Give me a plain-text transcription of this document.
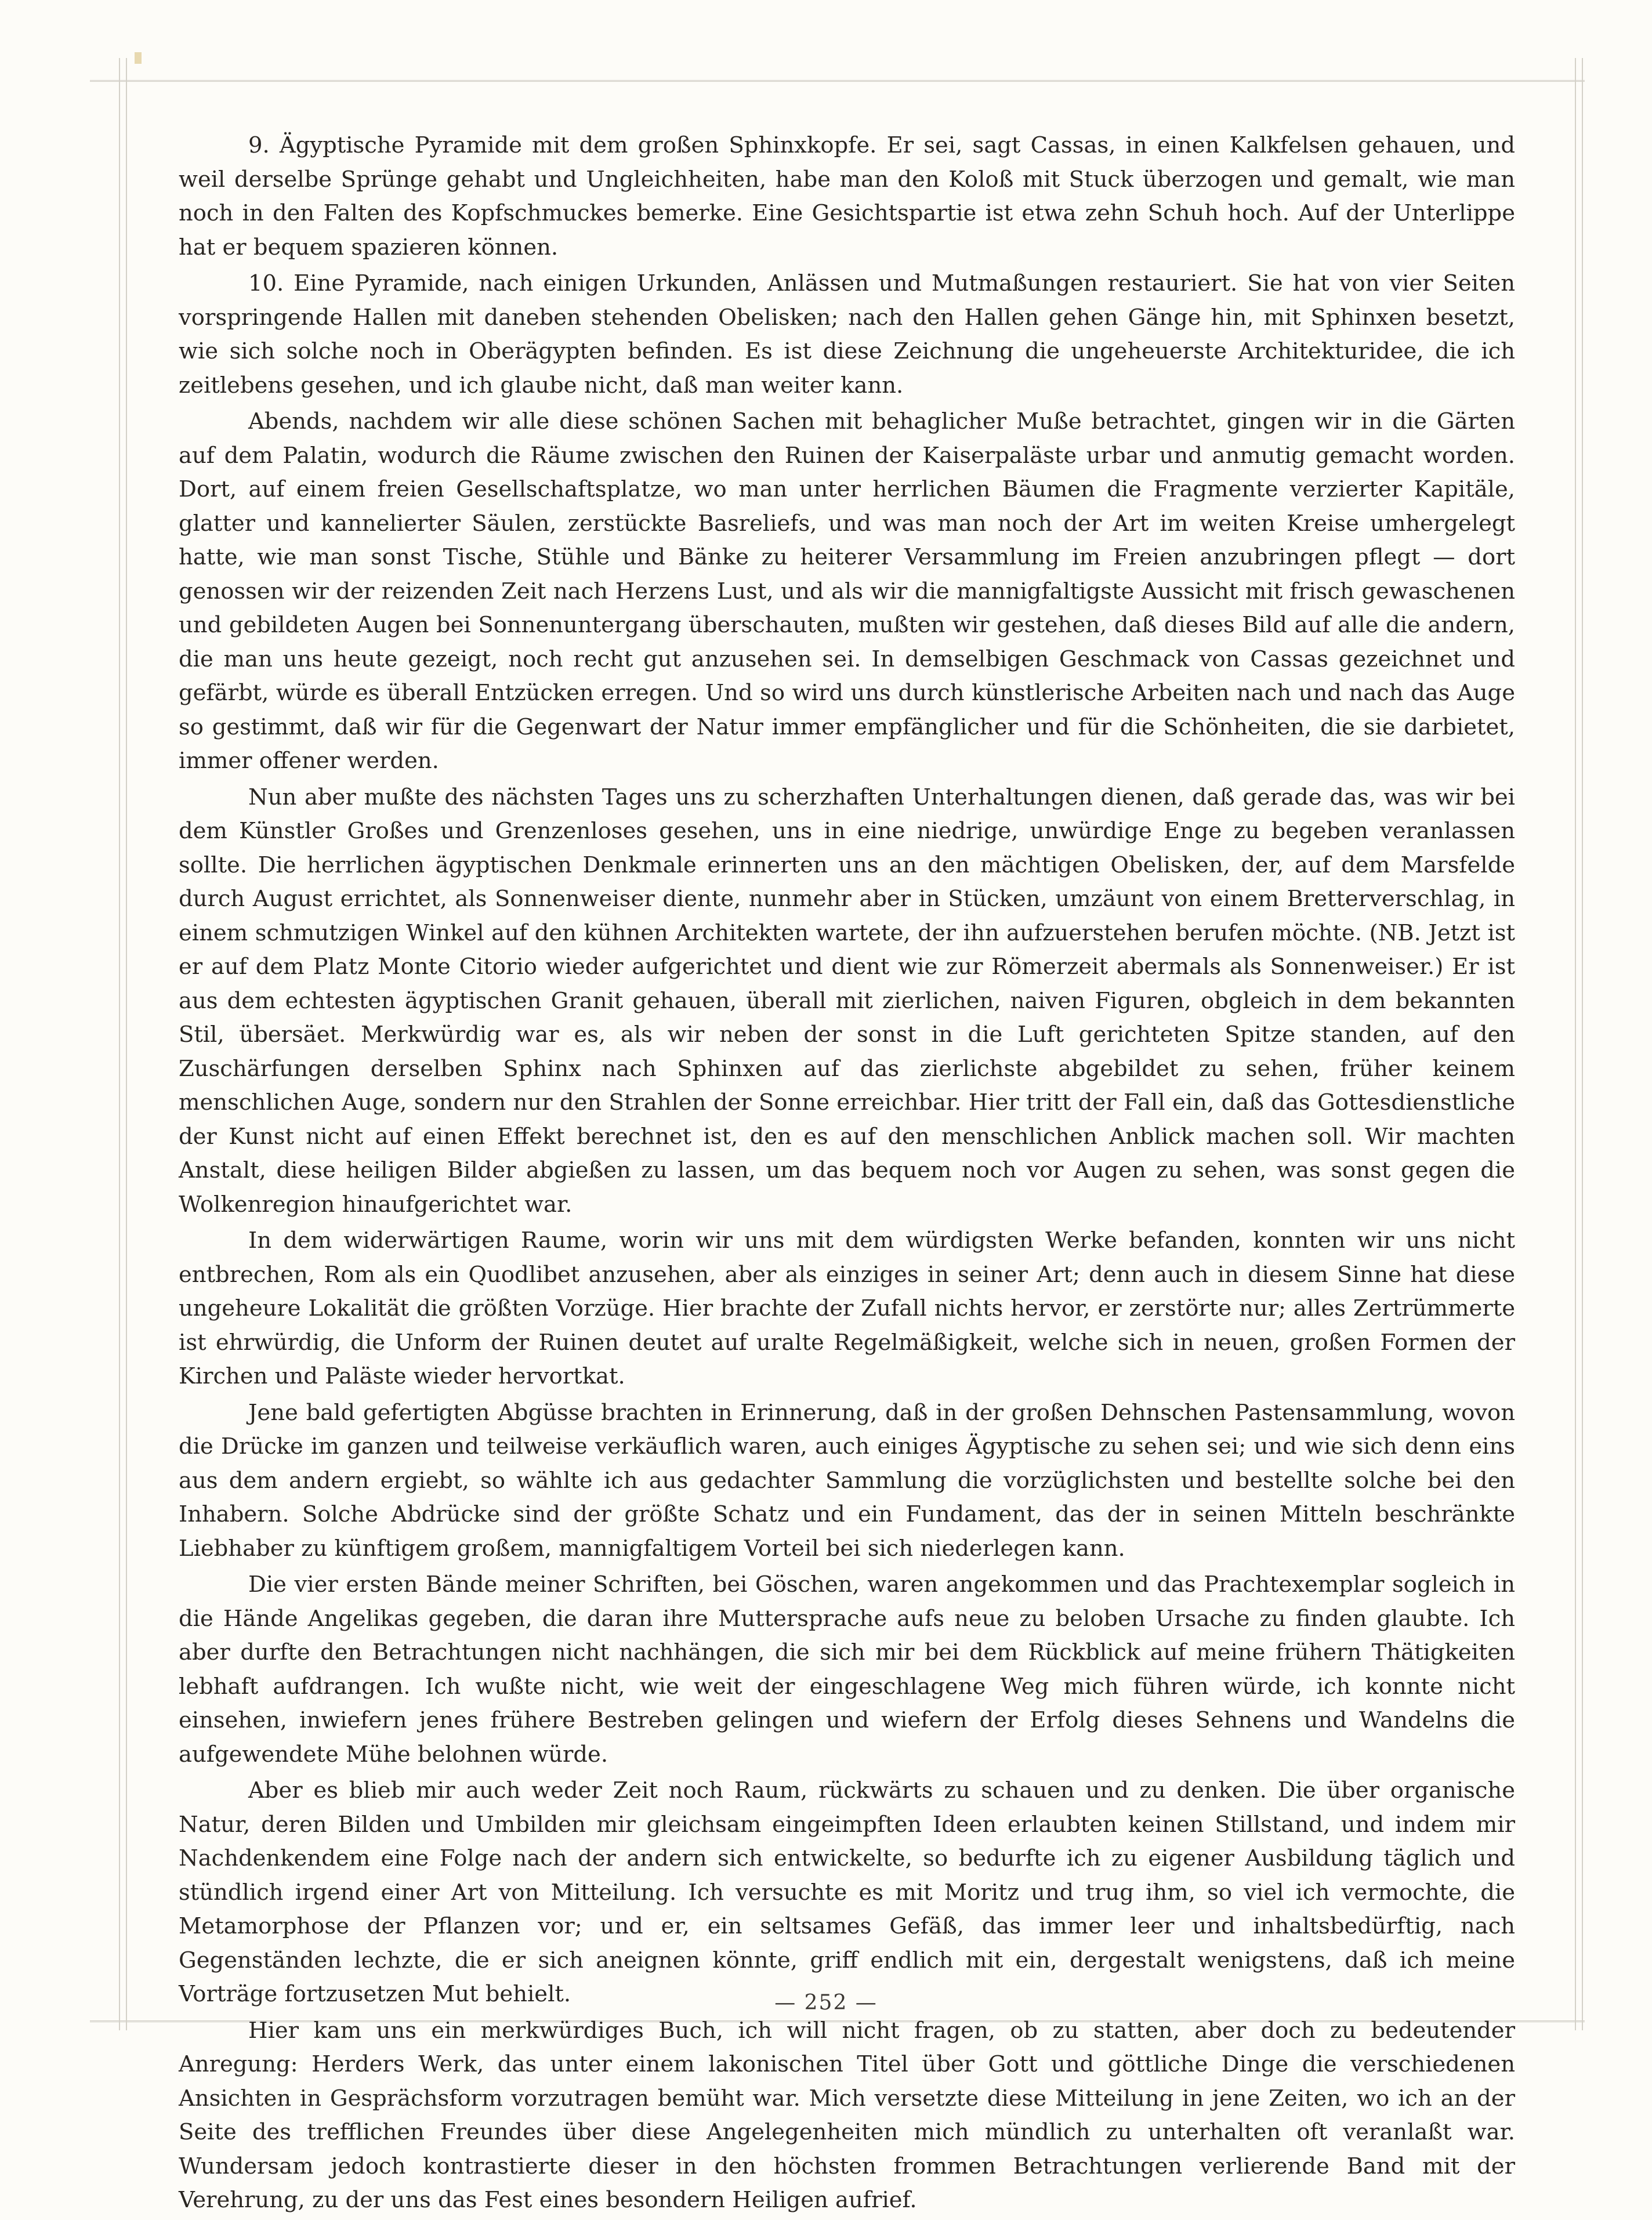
9. Ägyptische Pyramide mit dem großen Sphinxkopfe. Er sei, sagt Cassas, in einen Kalkfelsen gehauen, und weil derselbe Sprünge gehabt und Ungleichheiten, habe man den Koloß mit Stuck überzogen und gemalt, wie man noch in den Falten des Kopfschmuckes bemerke. Eine Gesichtspartie ist etwa zehn Schuh hoch. Auf der Unterlippe hat er bequem spazieren können.

10. Eine Pyramide, nach einigen Urkunden, Anlässen und Mutmaßungen restauriert. Sie hat von vier Seiten vorspringende Hallen mit daneben stehenden Obelisken; nach den Hallen gehen Gänge hin, mit Sphinxen besetzt, wie sich solche noch in Oberägypten befinden. Es ist diese Zeichnung die ungeheuerste Architekturidee, die ich zeitlebens gesehen, und ich glaube nicht, daß man weiter kann.

Abends, nachdem wir alle diese schönen Sachen mit behaglicher Muße betrachtet, gingen wir in die Gärten auf dem Palatin, wodurch die Räume zwischen den Ruinen der Kaiserpaläste urbar und anmutig gemacht worden. Dort, auf einem freien Gesellschaftsplatze, wo man unter herrlichen Bäumen die Fragmente verzierter Kapitäle, glatter und kannelierter Säulen, zerstückte Basreliefs, und was man noch der Art im weiten Kreise umhergelegt hatte, wie man sonst Tische, Stühle und Bänke zu heiterer Versammlung im Freien anzubringen pflegt — dort genossen wir der reizenden Zeit nach Herzens Lust, und als wir die mannigfaltigste Aussicht mit frisch gewaschenen und gebildeten Augen bei Sonnenuntergang überschauten, mußten wir gestehen, daß dieses Bild auf alle die andern, die man uns heute gezeigt, noch recht gut anzusehen sei. In demselbigen Geschmack von Cassas gezeichnet und gefärbt, würde es überall Entzücken erregen. Und so wird uns durch künstlerische Arbeiten nach und nach das Auge so gestimmt, daß wir für die Gegenwart der Natur immer empfänglicher und für die Schönheiten, die sie darbietet, immer offener werden.

Nun aber mußte des nächsten Tages uns zu scherzhaften Unterhaltungen dienen, daß gerade das, was wir bei dem Künstler Großes und Grenzenloses gesehen, uns in eine niedrige, unwürdige Enge zu begeben veranlassen sollte. Die herrlichen ägyptischen Denkmale erinnerten uns an den mächtigen Obelisken, der, auf dem Marsfelde durch August errichtet, als Sonnenweiser diente, nunmehr aber in Stücken, umzäunt von einem Bretterverschlag, in einem schmutzigen Winkel auf den kühnen Architekten wartete, der ihn aufzuerstehen berufen möchte. (NB. Jetzt ist er auf dem Platz Monte Citorio wieder aufgerichtet und dient wie zur Römerzeit abermals als Sonnenweiser.) Er ist aus dem echtesten ägyptischen Granit gehauen, überall mit zierlichen, naiven Figuren, obgleich in dem bekannten Stil, übersäet. Merkwürdig war es, als wir neben der sonst in die Luft gerichteten Spitze standen, auf den Zuschärfungen derselben Sphinx nach Sphinxen auf das zierlichste abgebildet zu sehen, früher keinem menschlichen Auge, sondern nur den Strahlen der Sonne erreichbar. Hier tritt der Fall ein, daß das Gottesdienstliche der Kunst nicht auf einen Effekt berechnet ist, den es auf den menschlichen Anblick machen soll. Wir machten Anstalt, diese heiligen Bilder abgießen zu lassen, um das bequem noch vor Augen zu sehen, was sonst gegen die Wolkenregion hinaufgerichtet war.

In dem widerwärtigen Raume, worin wir uns mit dem würdigsten Werke befanden, konnten wir uns nicht entbrechen, Rom als ein Quodlibet anzusehen, aber als einziges in seiner Art; denn auch in diesem Sinne hat diese ungeheure Lokalität die größten Vorzüge. Hier brachte der Zufall nichts hervor, er zerstörte nur; alles Zertrümmerte ist ehrwürdig, die Unform der Ruinen deutet auf uralte Regelmäßigkeit, welche sich in neuen, großen Formen der Kirchen und Paläste wieder hervortkat.

Jene bald gefertigten Abgüsse brachten in Erinnerung, daß in der großen Dehnschen Pastensammlung, wovon die Drücke im ganzen und teilweise verkäuflich waren, auch einiges Ägyptische zu sehen sei; und wie sich denn eins aus dem andern ergiebt, so wählte ich aus gedachter Sammlung die vorzüglichsten und bestellte solche bei den Inhabern. Solche Abdrücke sind der größte Schatz und ein Fundament, das der in seinen Mitteln beschränkte Liebhaber zu künftigem großem, mannigfaltigem Vorteil bei sich niederlegen kann.

Die vier ersten Bände meiner Schriften, bei Göschen, waren angekommen und das Prachtexemplar sogleich in die Hände Angelikas gegeben, die daran ihre Muttersprache aufs neue zu beloben Ursache zu finden glaubte. Ich aber durfte den Betrachtungen nicht nachhängen, die sich mir bei dem Rückblick auf meine frühern Thätigkeiten lebhaft aufdrangen. Ich wußte nicht, wie weit der eingeschlagene Weg mich führen würde, ich konnte nicht einsehen, inwiefern jenes frühere Bestreben gelingen und wiefern der Erfolg dieses Sehnens und Wandelns die aufgewendete Mühe belohnen würde.

Aber es blieb mir auch weder Zeit noch Raum, rückwärts zu schauen und zu denken. Die über organische Natur, deren Bilden und Umbilden mir gleichsam eingeimpften Ideen erlaubten keinen Stillstand, und indem mir Nachdenkendem eine Folge nach der andern sich entwickelte, so bedurfte ich zu eigener Ausbildung täglich und stündlich irgend einer Art von Mitteilung. Ich versuchte es mit Moritz und trug ihm, so viel ich vermochte, die Metamorphose der Pflanzen vor; und er, ein seltsames Gefäß, das immer leer und inhaltsbedürftig, nach Gegenständen lechzte, die er sich aneignen könnte, griff endlich mit ein, dergestalt wenigstens, daß ich meine Vorträge fortzusetzen Mut behielt.

Hier kam uns ein merkwürdiges Buch, ich will nicht fragen, ob zu statten, aber doch zu bedeutender Anregung: Herders Werk, das unter einem lakonischen Titel über Gott und göttliche Dinge die verschiedenen Ansichten in Gesprächsform vorzutragen bemüht war. Mich versetzte diese Mitteilung in jene Zeiten, wo ich an der Seite des trefflichen Freundes über diese Angelegenheiten mich mündlich zu unterhalten oft veranlaßt war. Wundersam jedoch kontrastierte dieser in den höchsten frommen Betrachtungen verlierende Band mit der Verehrung, zu der uns das Fest eines besondern Heiligen aufrief.

— 252 —
